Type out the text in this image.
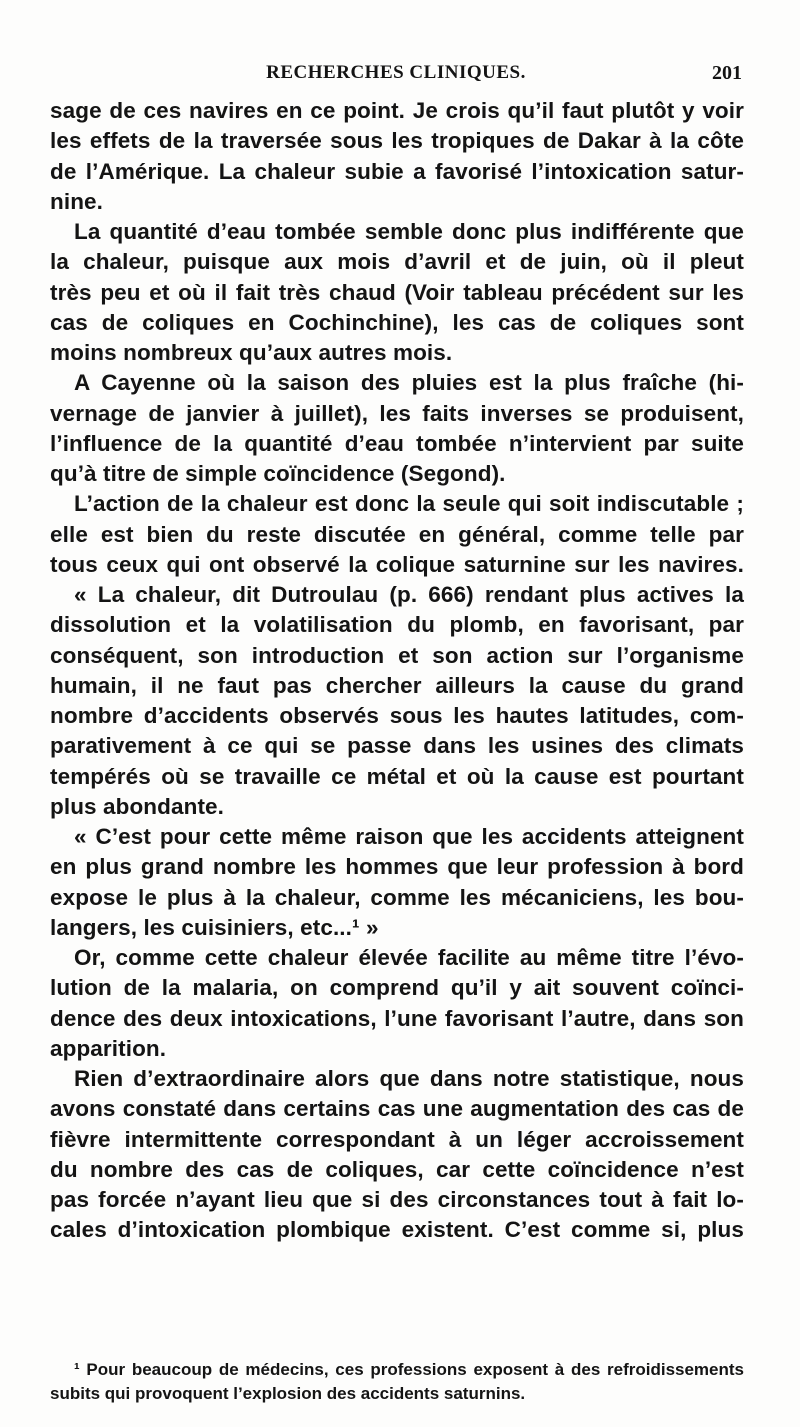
RECHERCHES CLINIQUES.	201
sage de ces navires en ce point. Je crois qu’il faut plutôt y voir
les effets de la traversée sous les tropiques de Dakar à la côte
de l’Amérique. La chaleur subie a favorisé l’intoxication satur-
nine.
La quantité d’eau tombée semble donc plus indifférente que
la chaleur, puisque aux mois d’avril et de juin, où il pleut
très peu et où il fait très chaud (Voir tableau précédent sur les
cas de coliques en Cochinchine), les cas de coliques sont
moins nombreux qu’aux autres mois.
A Cayenne où la saison des pluies est la plus fraîche (hi-
vernage de janvier à juillet), les faits inverses se produisent,
l’influence de la quantité d’eau tombée n’intervient par suite
qu’à titre de simple coïncidence (Segond).
L’action de la chaleur est donc la seule qui soit indiscutable ;
elle est bien du reste discutée en général, comme telle par
tous ceux qui ont observé la colique saturnine sur les navires.
« La chaleur, dit Dutroulau (p. 666) rendant plus actives la
dissolution et la volatilisation du plomb, en favorisant, par
conséquent, son introduction et son action sur l’organisme
humain, il ne faut pas chercher ailleurs la cause du grand
nombre d’accidents observés sous les hautes latitudes, com-
parativement à ce qui se passe dans les usines des climats
tempérés où se travaille ce métal et où la cause est pourtant
plus abondante.
« C’est pour cette même raison que les accidents atteignent
en plus grand nombre les hommes que leur profession à bord
expose le plus à la chaleur, comme les mécaniciens, les bou-
langers, les cuisiniers, etc...¹ »
Or, comme cette chaleur élevée facilite au même titre l’évo-
lution de la malaria, on comprend qu’il y ait souvent coïnci-
dence des deux intoxications, l’une favorisant l’autre, dans son
apparition.
Rien d’extraordinaire alors que dans notre statistique, nous
avons constaté dans certains cas une augmentation des cas de
fièvre intermittente correspondant à un léger accroissement
du nombre des cas de coliques, car cette coïncidence n’est
pas forcée n’ayant lieu que si des circonstances tout à fait lo-
cales d’intoxication plombique existent. C’est comme si, plus
¹ Pour beaucoup de médecins, ces professions exposent à des refroidissements
subits qui provoquent l’explosion des accidents saturnins.
